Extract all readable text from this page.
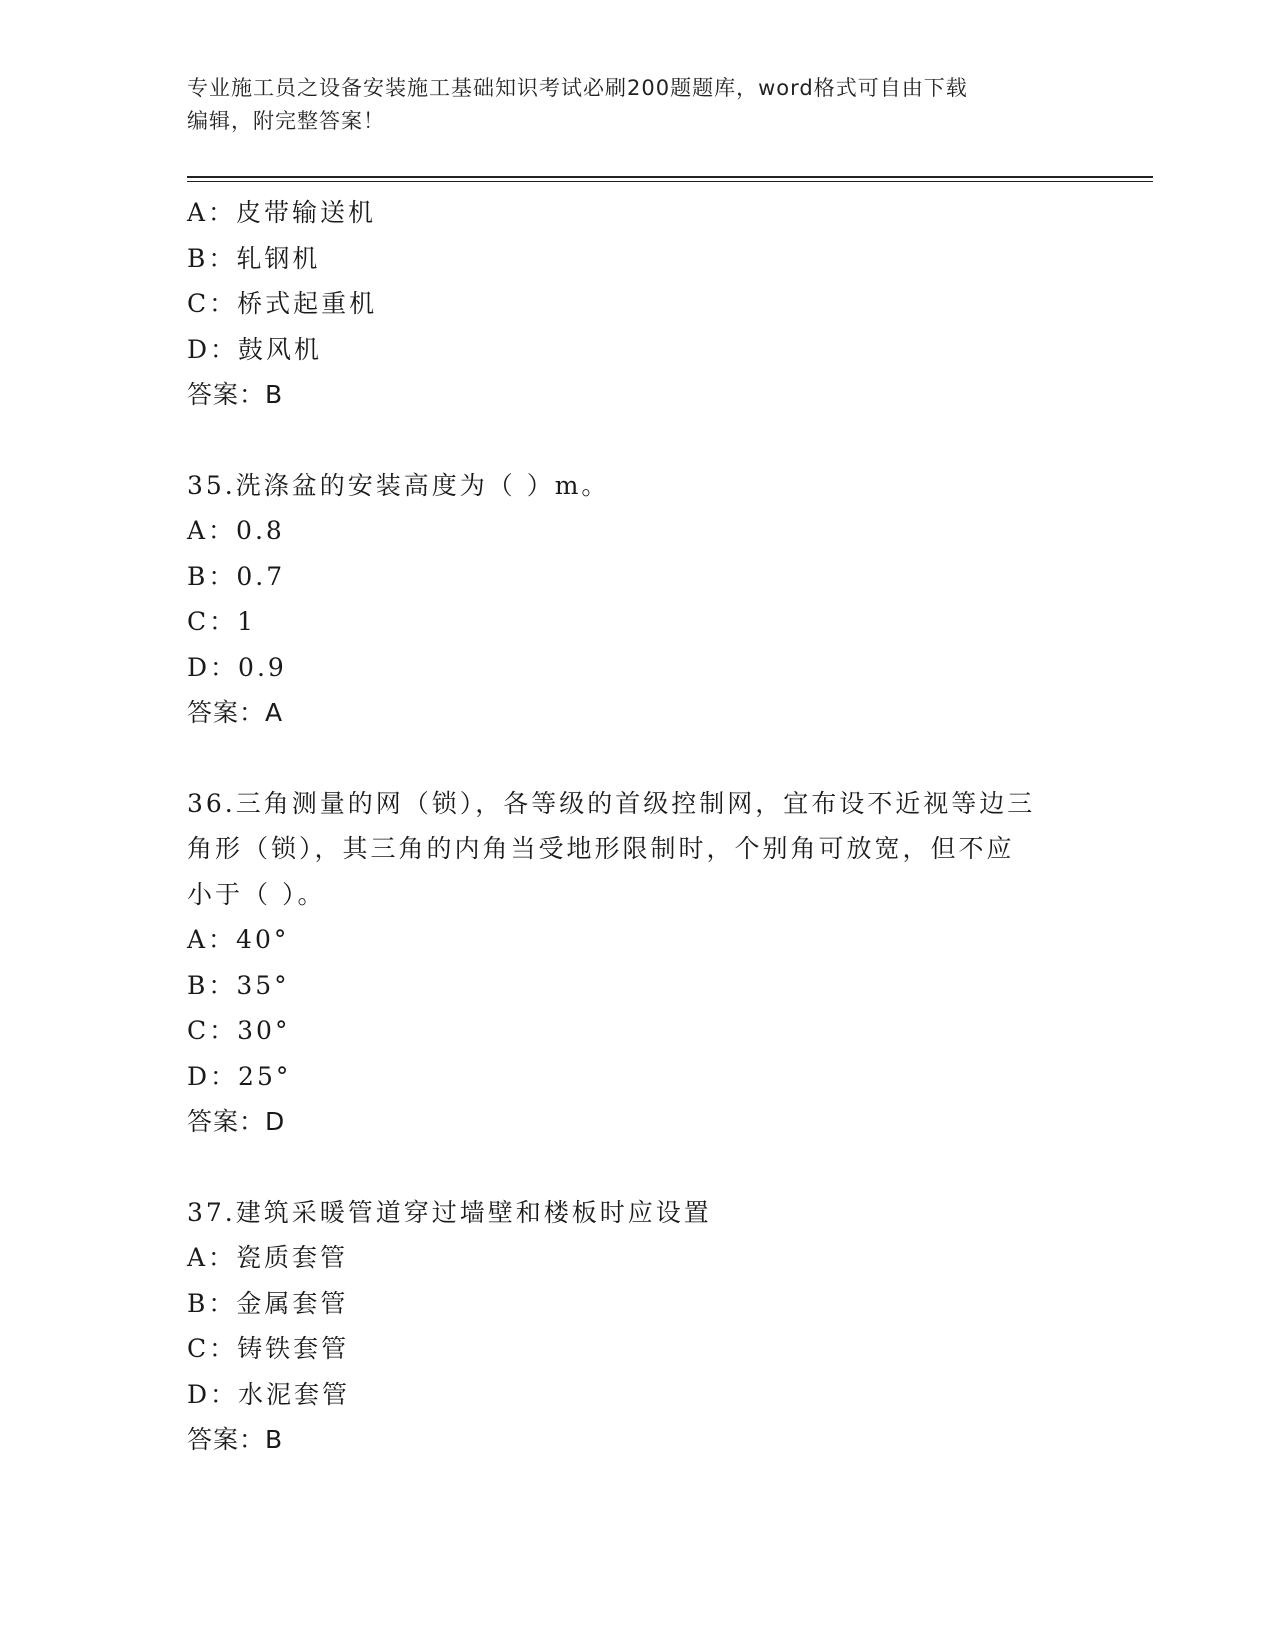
专业施工员之设备安装施工基础知识考试必刷200题题库，word格式可自由下载
编辑，附完整答案！
A：皮带输送机
B：轧钢机
C：桥式起重机
D：鼓风机
答案：B
35.洗涤盆的安装高度为（ ）m。
A：0.8
B：0.7
C：1
D：0.9
答案：A
36.三角测量的网（锁），各等级的首级控制网，宜布设不近视等边三
角形（锁），其三角的内角当受地形限制时，个别角可放宽，但不应
小于（ ）。
A：40°
B：35°
C：30°
D：25°
答案：D
37.建筑采暖管道穿过墙壁和楼板时应设置
A：瓷质套管
B：金属套管
C：铸铁套管
D：水泥套管
答案：B
